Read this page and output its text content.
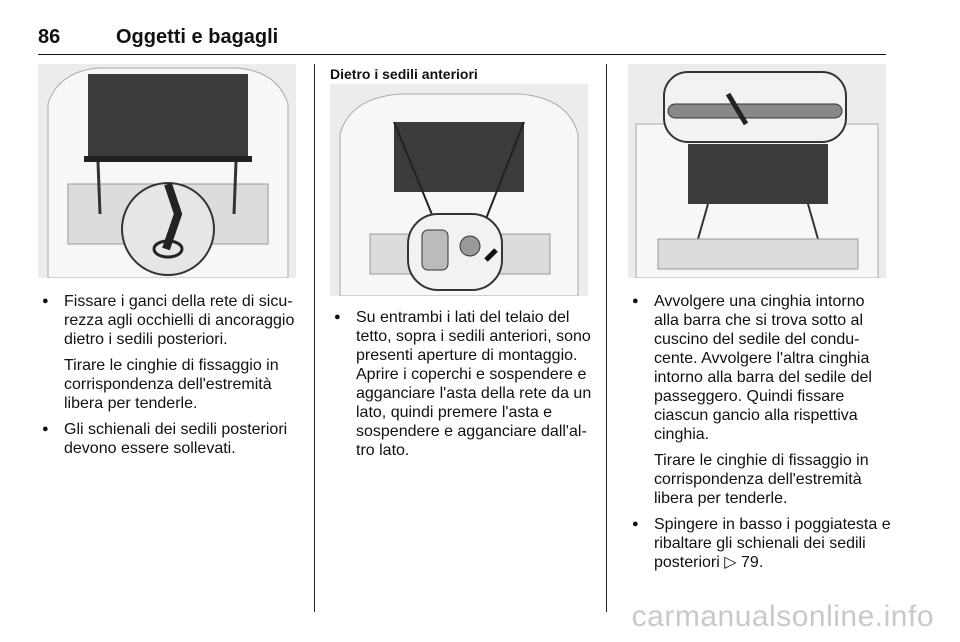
86	Oggetti e bagagli
Dietro i sedili anteriori

● Fissare i ganci della rete di sicurezza agli occhielli di ancoraggio dietro i sedili posteriori.

Tirare le cinghie di fissaggio in corrispondenza dell'estremità libera per tenderle.

● Gli schienali dei sedili posteriori devono essere sollevati.

● Su entrambi i lati del telaio del tetto, sopra i sedili anteriori, sono presenti aperture di montaggio. Aprire i coperchi e sospendere e agganciare l'asta della rete da un lato, quindi premere l'asta e sospendere e agganciare dall'altro lato.

● Avvolgere una cinghia intorno alla barra che si trova sotto al cuscino del sedile del conducente. Avvolgere l'altra cinghia intorno alla barra del sedile del passeggero. Quindi fissare ciascun gancio alla rispettiva cinghia.

Tirare le cinghie di fissaggio in corrispondenza dell'estremità libera per tenderle.

● Spingere in basso i poggiatesta e ribaltare gli schienali dei sedili posteriori ▷ 79.

carmanualsonline.info
